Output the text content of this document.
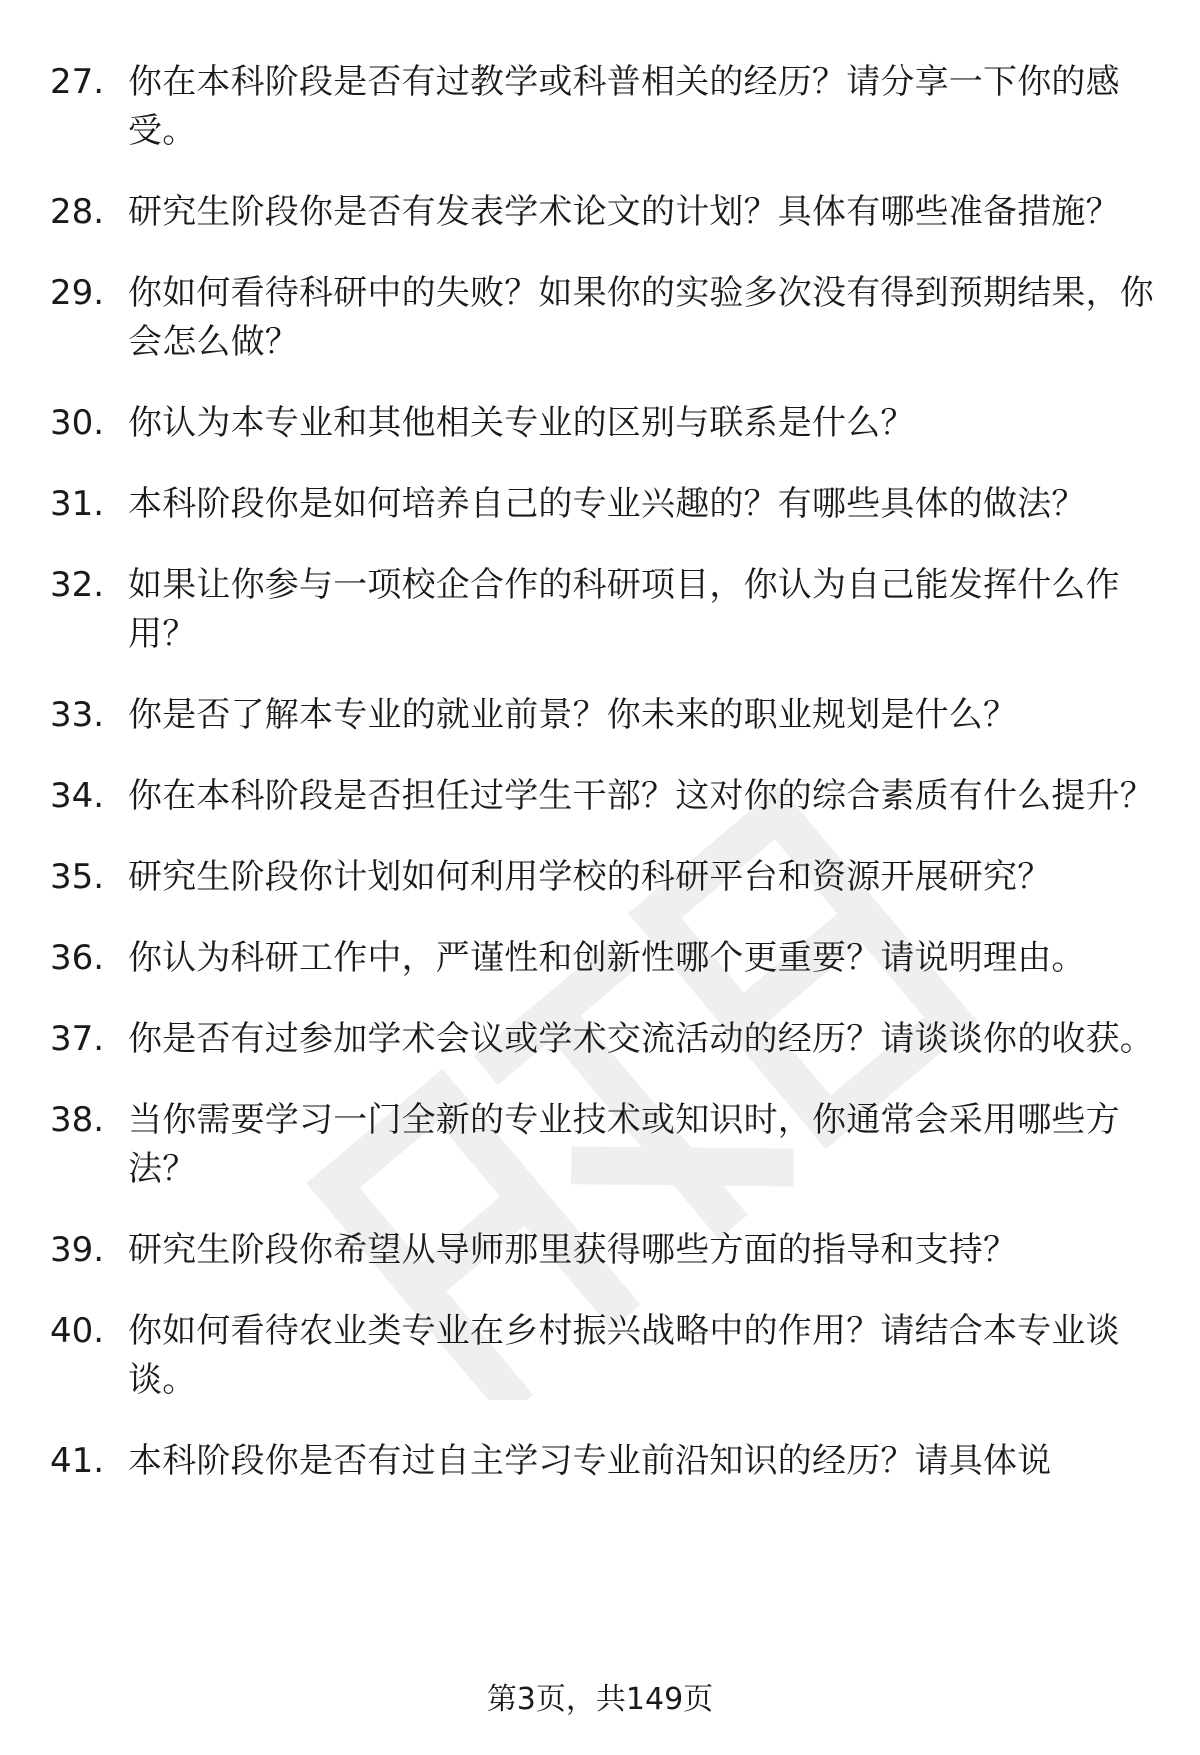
27. 你在本科阶段是否有过教学或科普相关的经历？请分享一下你的感受。
28. 研究生阶段你是否有发表学术论文的计划？具体有哪些准备措施？
29. 你如何看待科研中的失败？如果你的实验多次没有得到预期结果，你会怎么做？
30. 你认为本专业和其他相关专业的区别与联系是什么？
31. 本科阶段你是如何培养自己的专业兴趣的？有哪些具体的做法？
32. 如果让你参与一项校企合作的科研项目，你认为自己能发挥什么作用？
33. 你是否了解本专业的就业前景？你未来的职业规划是什么？
34. 你在本科阶段是否担任过学生干部？这对你的综合素质有什么提升？
35. 研究生阶段你计划如何利用学校的科研平台和资源开展研究？
36. 你认为科研工作中，严谨性和创新性哪个更重要？请说明理由。
37. 你是否有过参加学术会议或学术交流活动的经历？请谈谈你的收获。
38. 当你需要学习一门全新的专业技术或知识时，你通常会采用哪些方法？
39. 研究生阶段你希望从导师那里获得哪些方面的指导和支持？
40. 你如何看待农业类专业在乡村振兴战略中的作用？请结合本专业谈谈。
41. 本科阶段你是否有过自主学习专业前沿知识的经历？请具体说
第3页，共149页
